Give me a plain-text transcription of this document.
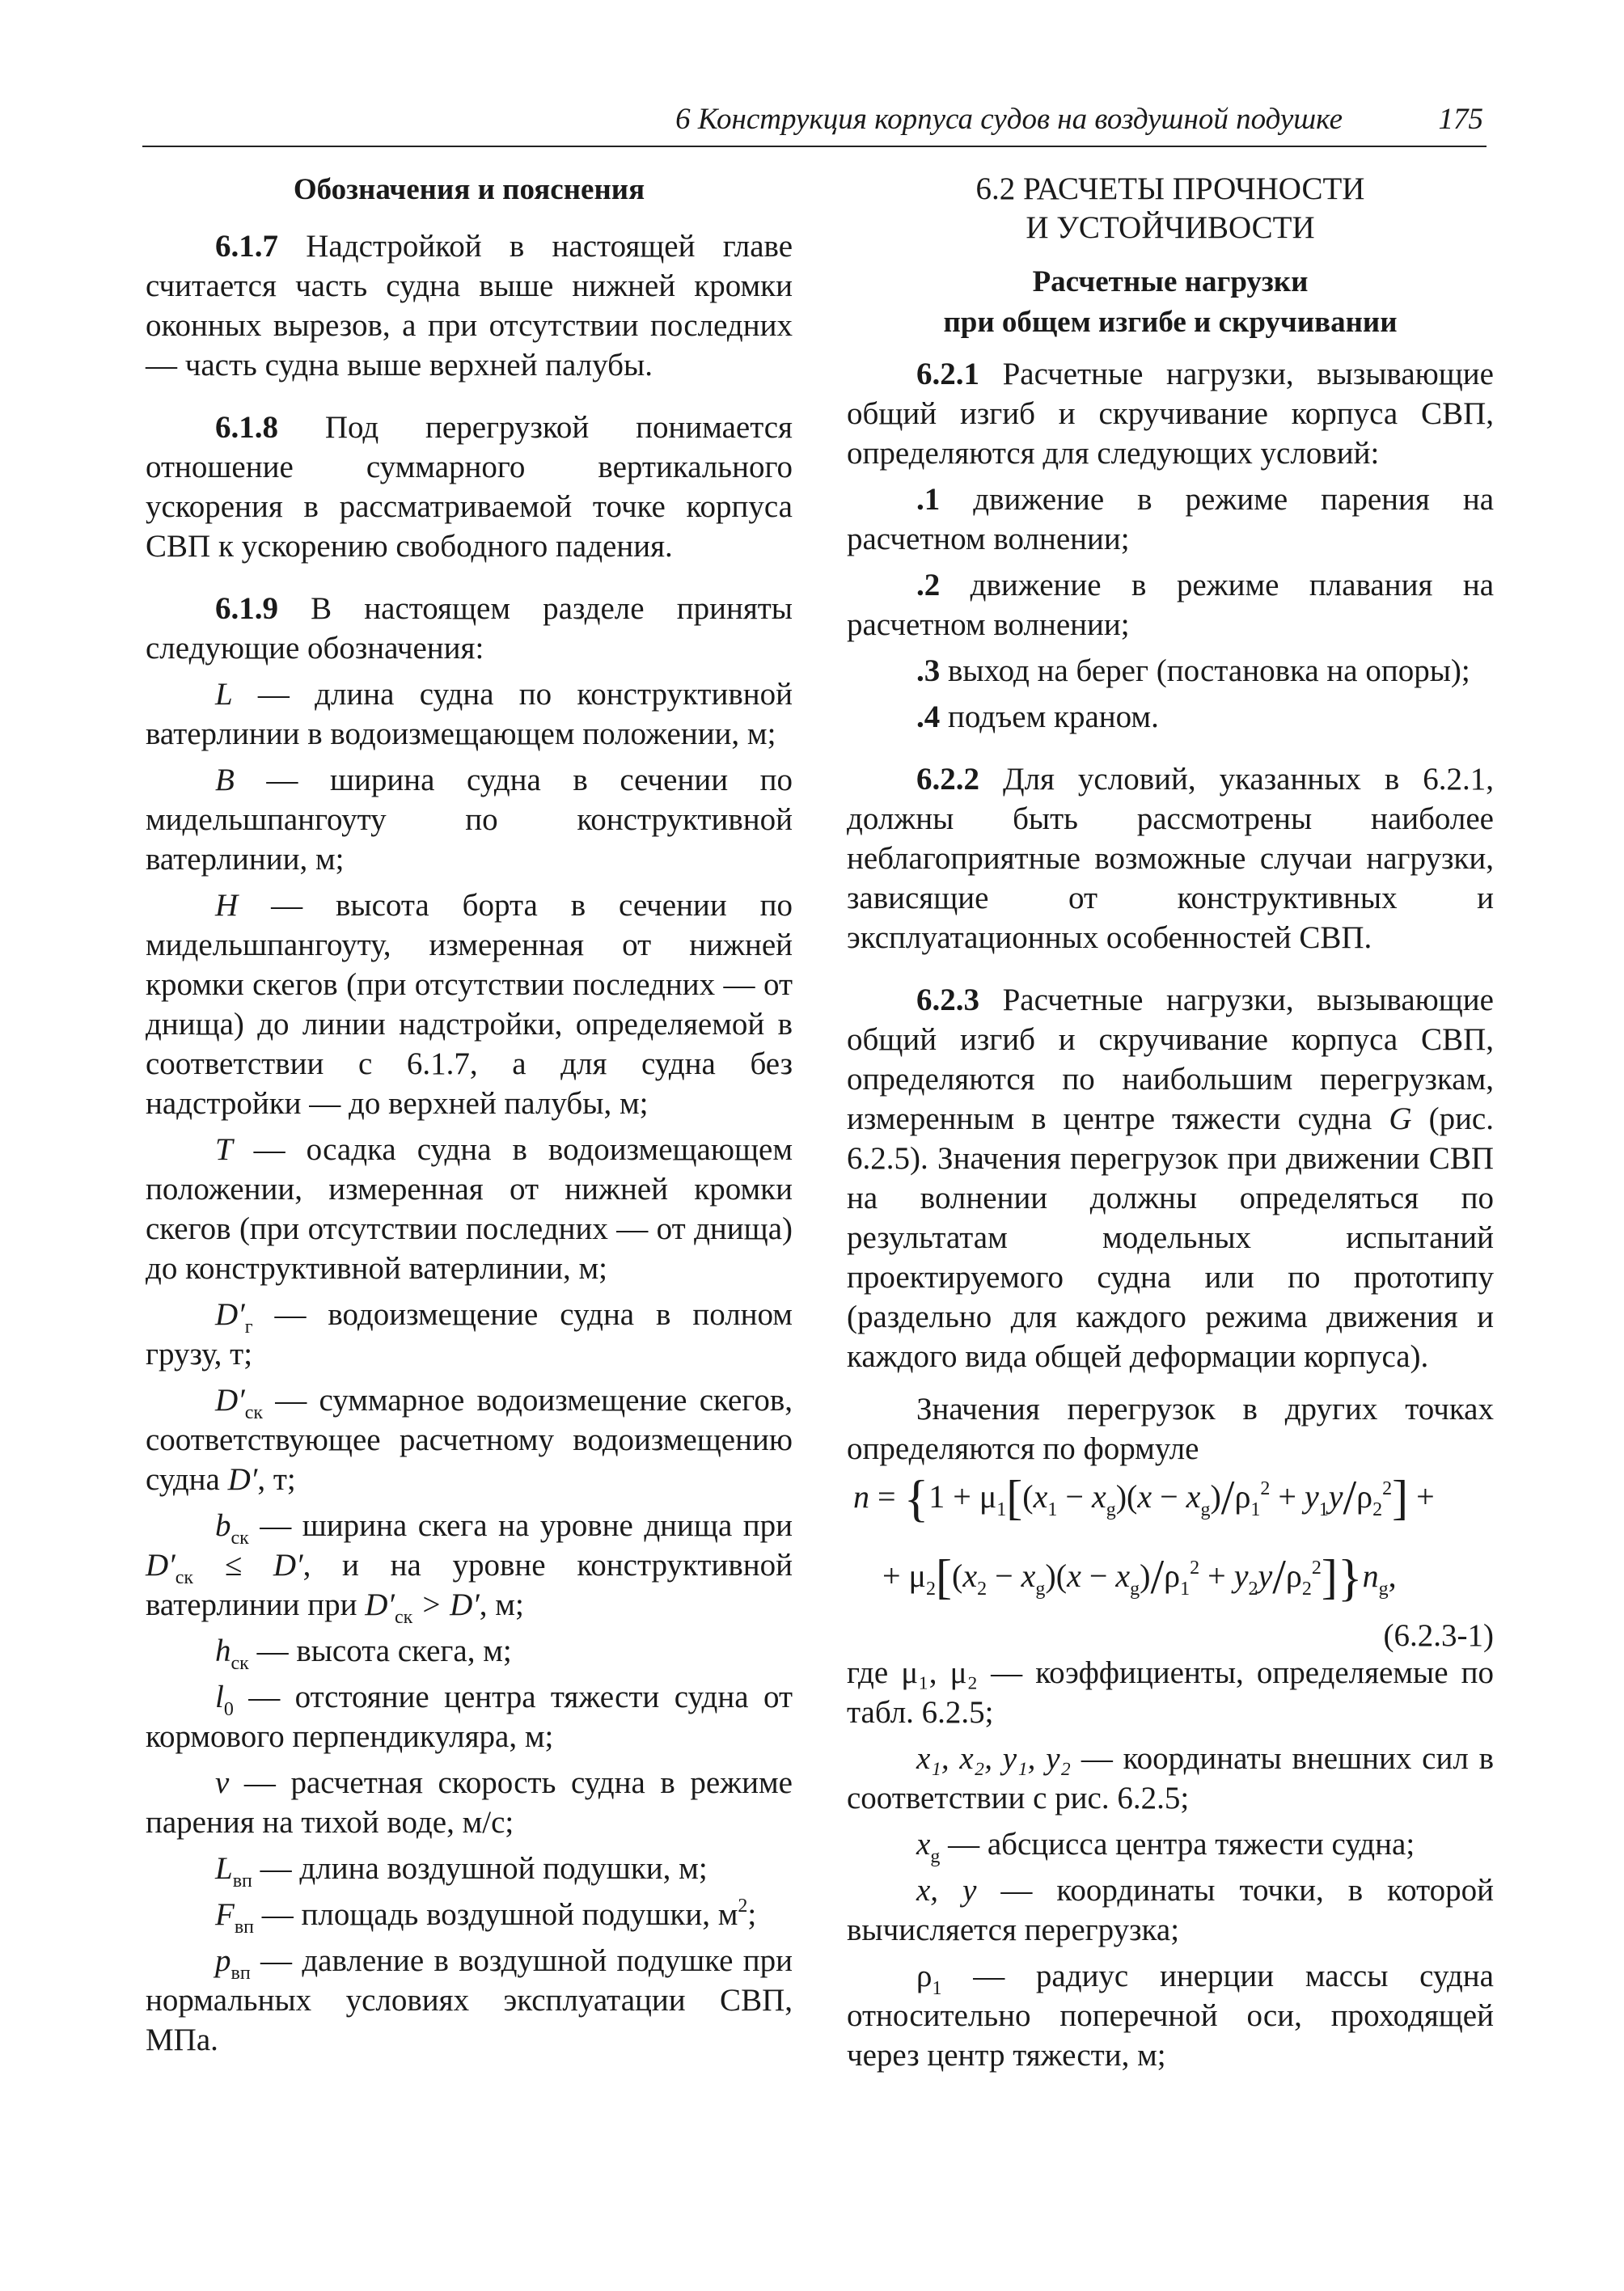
6 Конструкция корпуса судов на воздушной подушке	175
Обозначения и пояснения

6.1.7 Надстройкой в настоящей главе считается часть судна выше нижней кромки оконных вырезов, а при отсутствии последних — часть судна выше верхней палубы.

6.1.8 Под перегрузкой понимается отношение суммарного вертикального ускорения в рассматриваемой точке корпуса СВП к ускорению свободного падения.

6.1.9 В настоящем разделе приняты следующие обозначения:

L — длина судна по конструктивной ватерлинии в водоизмещающем положении, м;

B — ширина судна в сечении по мидельшпангоуту по конструктивной ватерлинии, м;

H — высота борта в сечении по мидельшпангоуту, измеренная от нижней кромки скегов (при отсутствии последних — от днища) до линии надстройки, определяемой в соответствии с 6.1.7, а для судна без надстройки — до верхней палубы, м;

T — осадка судна в водоизмещающем положении, измеренная от нижней кромки скегов (при отсутствии последних — от днища) до конструктивной ватерлинии, м;

$D'_г$ — водоизмещение судна в полном грузу, т;

$D'_{ск}$ — суммарное водоизмещение скегов, соответствующее расчетному водоизмещению судна D′, т;

$b_{ск}$ — ширина скега на уровне днища при $D'_{ск} \le D'$, и на уровне конструктивной ватерлинии при $D'_{ск} > D'$, м;

$h_{ск}$ — высота скега, м;

$l_0$ — отстояние центра тяжести судна от кормового перпендикуляра, м;

v — расчетная скорость судна в режиме парения на тихой воде, м/с;

$L_{вп}$ — длина воздушной подушки, м;

$F_{вп}$ — площадь воздушной подушки, $м^2$;

$p_{вп}$ — давление в воздушной подушке при нормальных условиях эксплуатации СВП, МПа.

6.2 РАСЧЕТЫ ПРОЧНОСТИ
И УСТОЙЧИВОСТИ
Расчетные нагрузки
при общем изгибе и скручивании

6.2.1 Расчетные нагрузки, вызывающие общий изгиб и скручивание корпуса СВП, определяются для следующих условий:

.1 движение в режиме парения на расчетном волнении;

.2 движение в режиме плавания на расчетном волнении;

.3 выход на берег (постановка на опоры);

.4 подъем краном.

6.2.2 Для условий, указанных в 6.2.1, должны быть рассмотрены наиболее неблагоприятные возможные случаи нагрузки, зависящие от конструктивных и эксплуатационных особенностей СВП.

6.2.3 Расчетные нагрузки, вызывающие общий изгиб и скручивание корпуса СВП, определяются по наибольшим перегрузкам, измеренным в центре тяжести судна G (рис. 6.2.5). Значения перегрузок при движении СВП на волнении должны определяться по результатам модельных испытаний проектируемого судна или по прототипу (раздельно для каждого режима движения и каждого вида общей деформации корпуса).

Значения перегрузок в других точках определяются по формуле

$n = \{1 + \mu_1[(x_1 - x_g)(x - x_g)/\rho_1^2 + y_1y/\rho_2^2]$ +
+ $\mu_2[(x_2 - x_g)(x - x_g)/\rho_1^2 + y_2y/\rho_2^2]\}n_g$,
(6.2.3-1)

где μ₁, μ₂ — коэффициенты, определяемые по табл. 6.2.5;

x₁, x₂, y₁, y₂ — координаты внешних сил в соответствии с рис. 6.2.5;

$x_g$ — абсцисса центра тяжести судна;

x, y — координаты точки, в которой вычисляется перегрузка;

$\rho_1$ — радиус инерции массы судна относительно поперечной оси, проходящей через центр тяжести, м;
